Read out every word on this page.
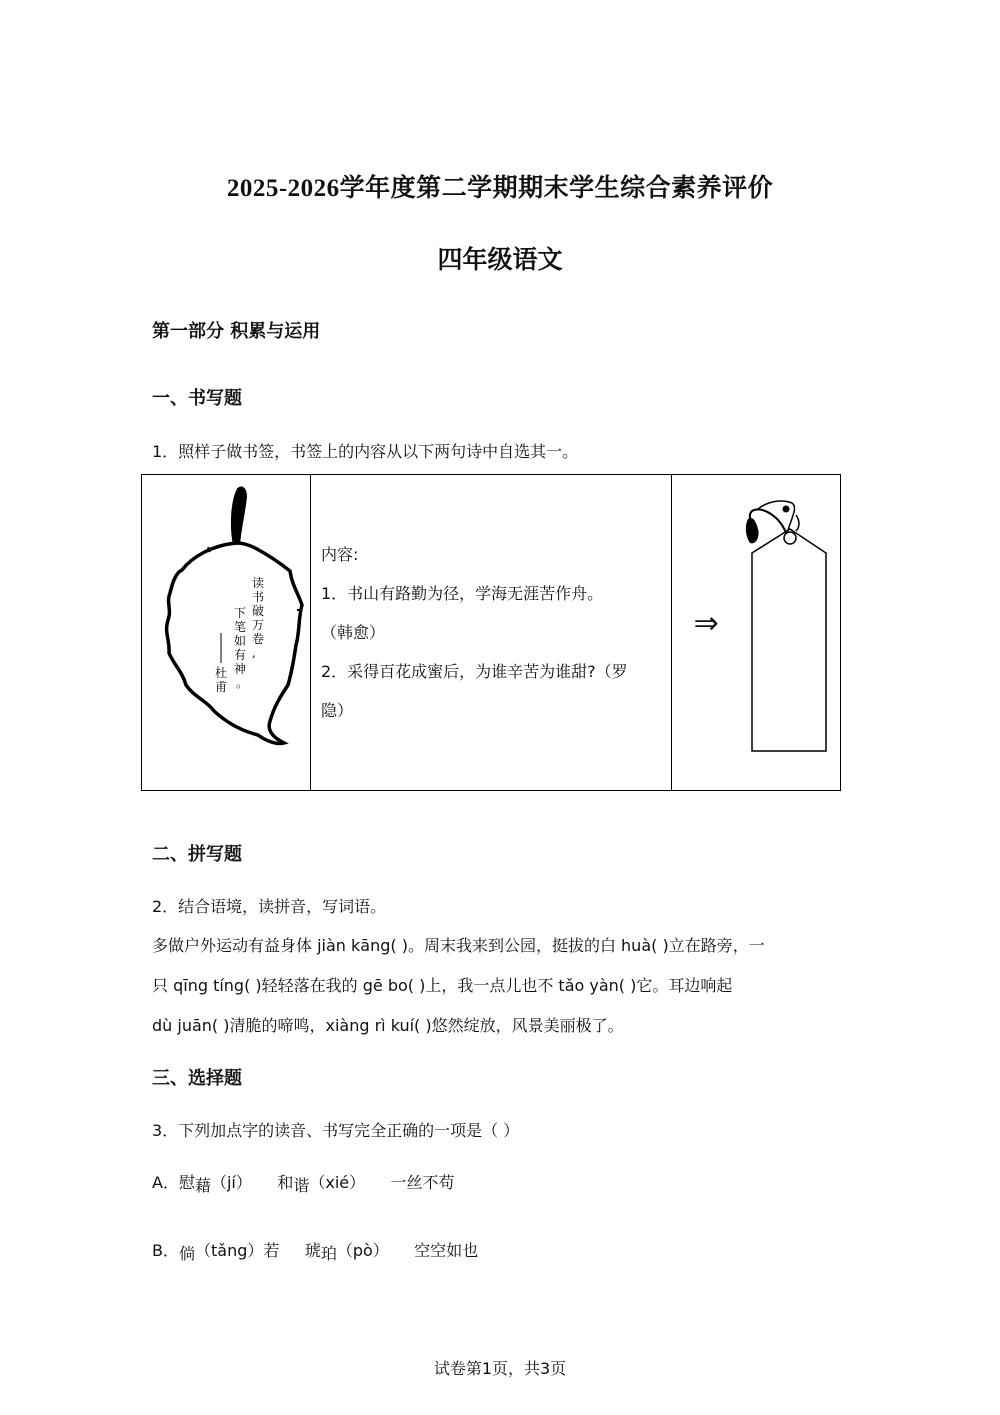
2025-2026学年度第二学期期末学生综合素养评价
四年级语文
第一部分 积累与运用
一、书写题
1．照样子做书签，书签上的内容从以下两句诗中自选其一。
读书破万卷,
下笔如有神。
杜甫

内容:
1．书山有路勤为径，学海无涯苦作舟。
（韩愈）
2．采得百花成蜜后，为谁辛苦为谁甜?（罗
隐）

⇒
二、拼写题
2．结合语境，读拼音，写词语。
多做户外运动有益身体 jiàn kāng( )。周末我来到公园，挺拔的白 huà( )立在路旁，一
只 qīng tíng( )轻轻落在我的 gē bo( )上，我一点儿也不 tǎo yàn( )它。耳边响起
dù juān( )清脆的啼鸣，xiàng rì kuí( )悠然绽放，风景美丽极了。
三、选择题
3．下列加点字的读音、书写完全正确的一项是（ ）
A．慰藉（jí） 和谐（xié） 一丝不苟
B．倘（tǎng）若 琥珀（pò） 空空如也
试卷第1页，共3页
